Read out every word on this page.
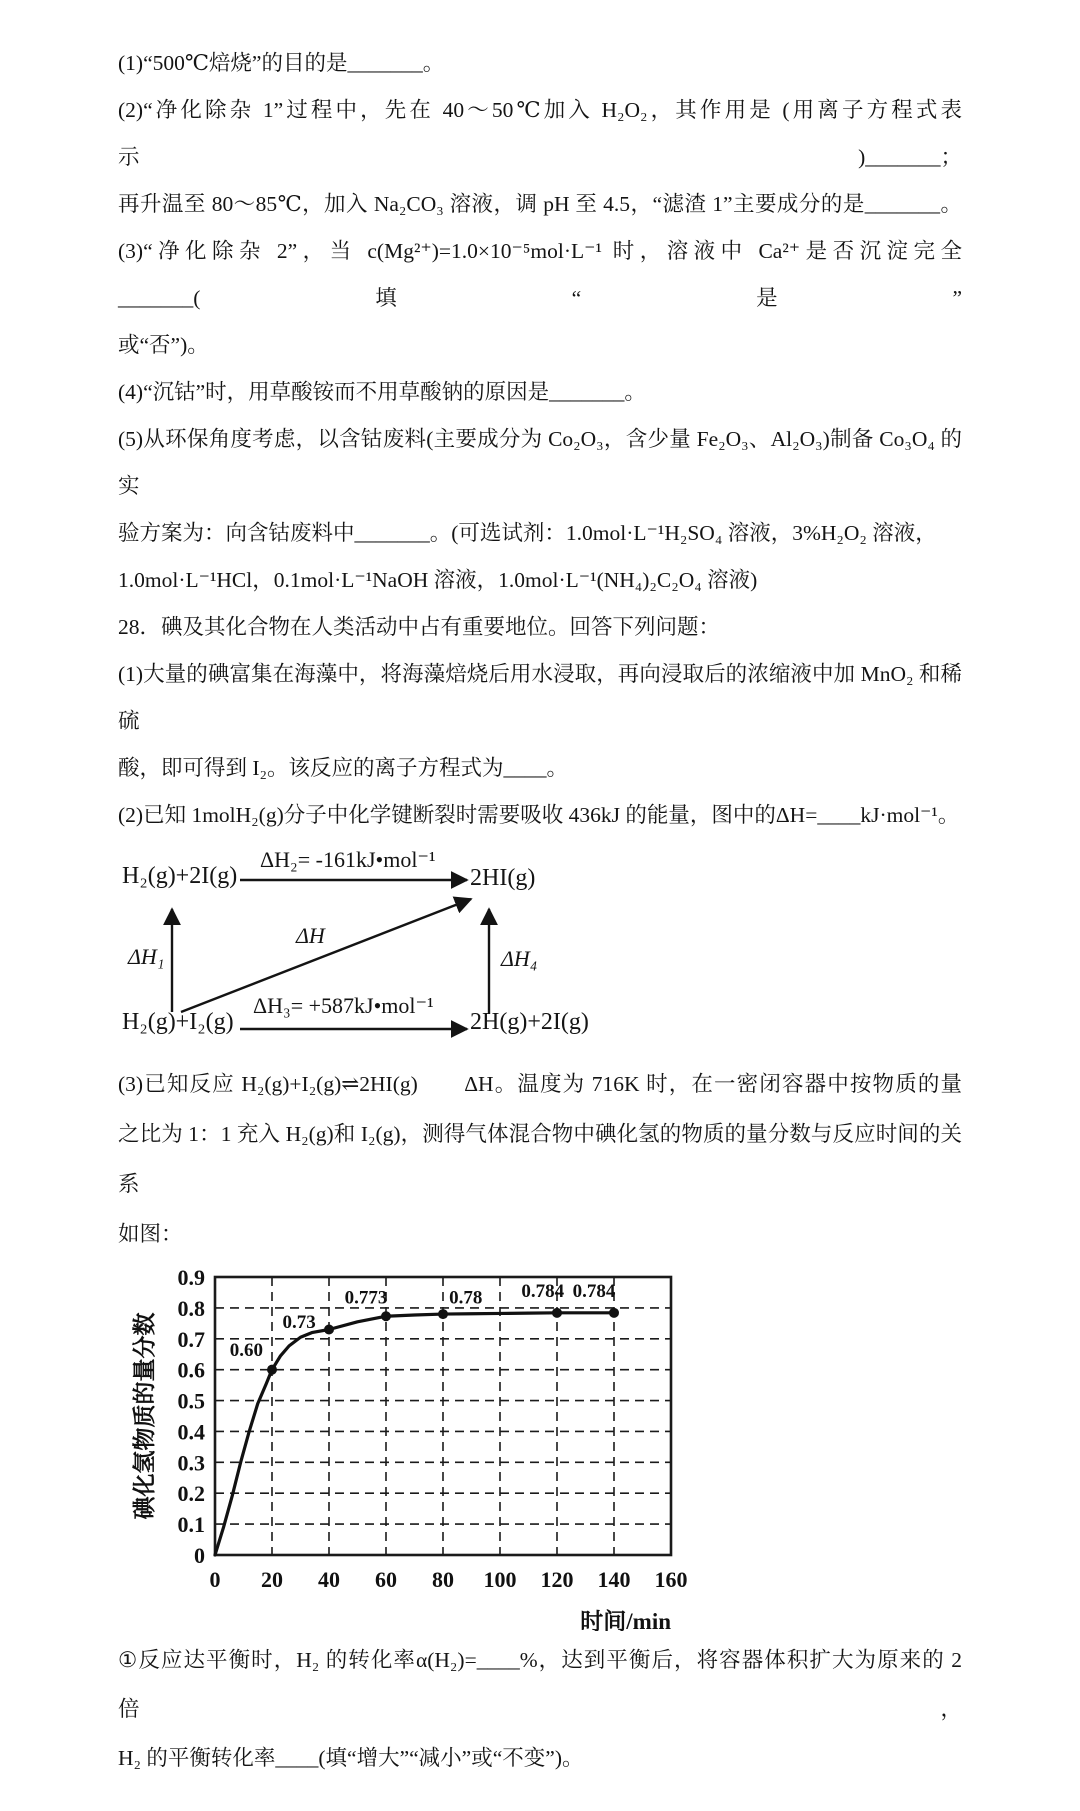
(1)“500℃焙烧”的目的是_______。
(2)“净化除杂 1”过程中，先在 40～50℃加入 H₂O₂，其作用是 (用离子方程式表示)_______；
再升温至 80～85℃，加入 Na₂CO₃ 溶液，调 pH 至 4.5，“滤渣 1”主要成分的是_______。
(3)“净化除杂 2”，当 c(Mg²⁺)=1.0×10⁻⁵mol·L⁻¹ 时，溶液中 Ca²⁺是否沉淀完全_______(填“是”
或“否”)。
(4)“沉钴”时，用草酸铵而不用草酸钠的原因是_______。
(5)从环保角度考虑，以含钴废料(主要成分为 Co₂O₃，含少量 Fe₂O₃、Al₂O₃)制备 Co₃O₄ 的实
验方案为：向含钴废料中_______。(可选试剂：1.0mol·L⁻¹H₂SO₄ 溶液，3%H₂O₂ 溶液，
1.0mol·L⁻¹HCl，0.1mol·L⁻¹NaOH 溶液，1.0mol·L⁻¹(NH₄)₂C₂O₄ 溶液)
28．碘及其化合物在人类活动中占有重要地位。回答下列问题：
(1)大量的碘富集在海藻中，将海藻焙烧后用水浸取，再向浸取后的浓缩液中加 MnO₂ 和稀硫
酸，即可得到 I₂。该反应的离子方程式为____。
(2)已知 1molH₂(g)分子中化学键断裂时需要吸收 436kJ 的能量，图中的ΔH=____kJ·mol⁻¹。
H₂(g)+2I(g)
ΔH₂= -161kJ•mol⁻¹
2HI(g)
ΔH₁
ΔH
ΔH₄
ΔH₃= +587kJ•mol⁻¹
H₂(g)+I₂(g)	2H(g)+2I(g)
(3)已知反应 H₂(g)+I₂(g)⇌2HI(g)　　ΔH。温度为 716K 时，在一密闭容器中按物质的量
之比为 1：1 充入 H₂(g)和 I₂(g)，测得气体混合物中碘化氢的物质的量分数与反应时间的关系
如图：
0.60
0.73
0.773	0.78 0.784 0.784
0 20 40 60 80 100 120 140 160
0
0.1
0.2
0.3
0.4
0.5
0.6
0.7
0.8
0.9
时间/min
碘化氢物质的量分数
①反应达平衡时，H₂ 的转化率α(H₂)=____%，达到平衡后，将容器体积扩大为原来的 2 倍，
H₂ 的平衡转化率____(填“增大”“减小”或“不变”)。
